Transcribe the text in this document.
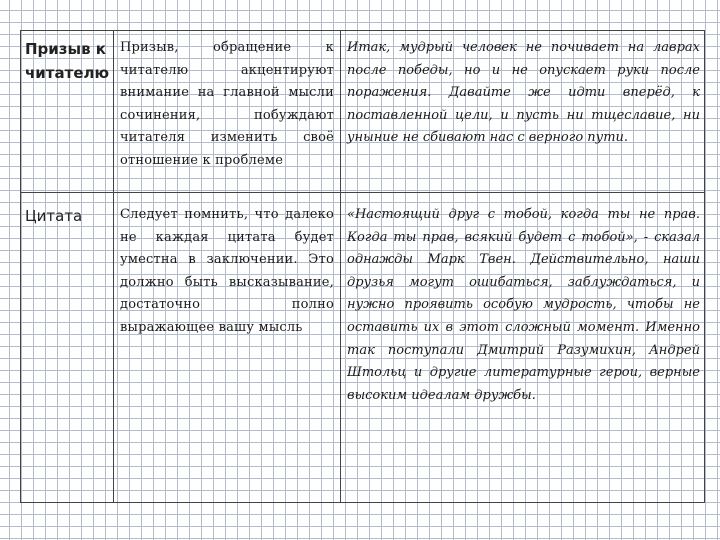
Призыв к читателю
Призыв, обращение к читателю акцентируют внимание на главной мысли сочинения, побуждают читателя изменить своё отношение к проблеме
Итак, мудрый человек не почивает на лаврах после победы, но и не опускает руки после поражения. Давайте же идти вперёд, к поставленной цели, и пусть ни тщеславие, ни уныние не сбивают нас с верного пути.
Цитата	Следует помнить, что далеко не каждая цитата будет уместна в заключении. Это должно быть высказывание, достаточно полно выражающее вашу мысль
«Настоящий друг с тобой, когда ты не прав. Когда ты прав, всякий будет с тобой», - сказал однажды Марк Твен. Действительно, наши друзья могут ошибаться, заблуждаться, и нужно проявить особую мудрость, чтобы не оставить их в этот сложный момент. Именно так поступали Дмитрий Разумихин, Андрей Штольц и другие литературные герои, верные высоким идеалам дружбы.
